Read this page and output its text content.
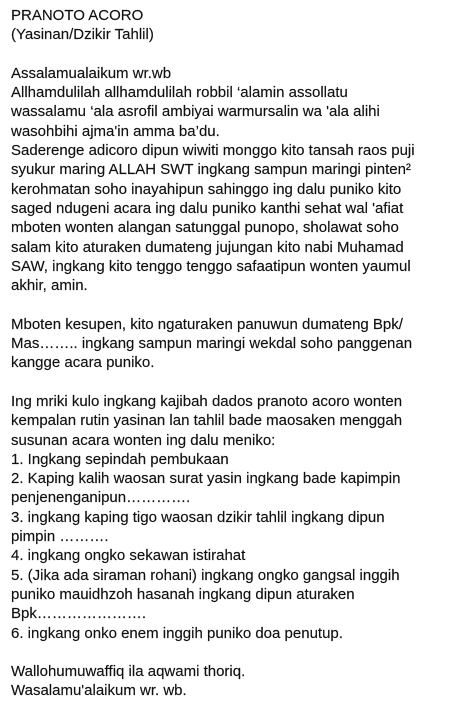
PRANOTO ACORO
(Yasinan/Dzikir Tahlil)
Assalamualaikum wr.wb
Allhamdulilah allhamdulilah robbil ‘alamin assollatu
wassalamu ‘ala asrofil ambiyai warmursalin wa 'ala alihi
wasohbihi ajma'in amma ba’du.
Saderenge adicoro dipun wiwiti monggo kito tansah raos puji
syukur maring ALLAH SWT ingkang sampun maringi pinten²
kerohmatan soho inayahipun sahinggo ing dalu puniko kito
saged ndugeni acara ing dalu puniko kanthi sehat wal 'afiat
mboten wonten alangan satunggal punopo, sholawat soho
salam kito aturaken dumateng jujungan kito nabi Muhamad
SAW, ingkang kito tenggo tenggo safaatipun wonten yaumul
akhir, amin.
Mboten kesupen, kito ngaturaken panuwun dumateng Bpk/
Mas…….. ingkang sampun maringi wekdal soho panggenan
kangge acara puniko.
Ing mriki kulo ingkang kajibah dados pranoto acoro wonten
kempalan rutin yasinan lan tahlil bade maosaken menggah
susunan acara wonten ing dalu meniko:
1. Ingkang sepindah pembukaan
2. Kaping kalih waosan surat yasin ingkang bade kapimpin
penjenenganipun………….
3. ingkang kaping tigo waosan dzikir tahlil ingkang dipun
pimpin ……….
4. ingkang ongko sekawan istirahat
5. (Jika ada siraman rohani) ingkang ongko gangsal inggih
puniko mauidhzoh hasanah ingkang dipun aturaken
Bpk………………….
6. ingkang onko enem inggih puniko doa penutup.
Wallohumuwaffiq ila aqwami thoriq.
Wasalamu'alaikum wr. wb.
